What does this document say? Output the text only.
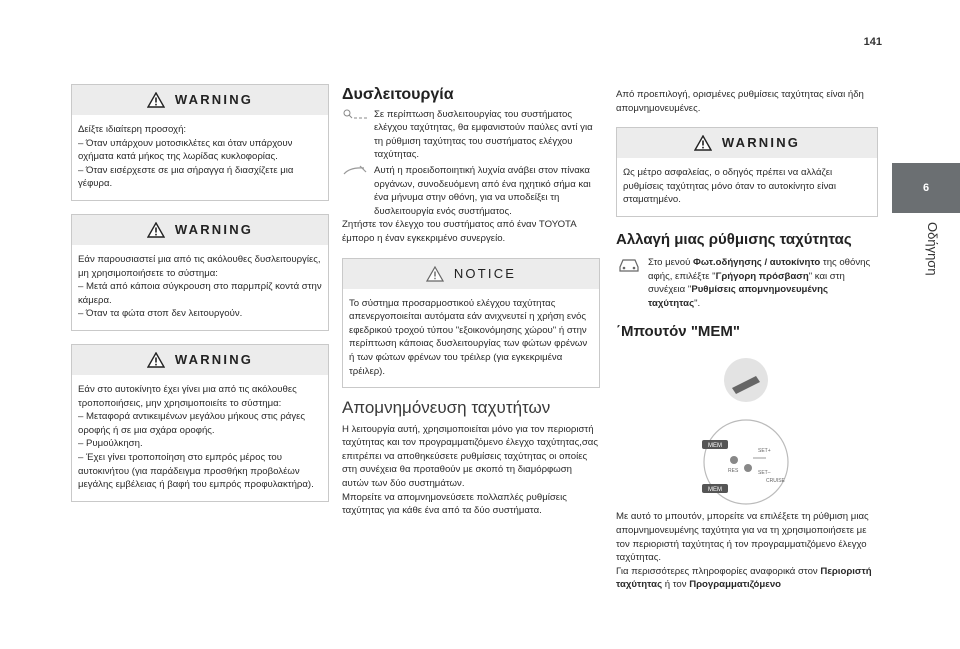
141
6
Οδήγηση
WARNING

Δείξτε ιδιαίτερη προσοχή:
– Όταν υπάρχουν μοτοσικλέτες και όταν υπάρχουν οχήματα κατά μήκος της λωρίδας κυκλοφορίας.
– Όταν εισέρχεστε σε μια σήραγγα ή διασχίζετε μια γέφυρα.

WARNING

Εάν παρουσιαστεί μια από τις ακόλουθες δυσλειτουργίες, μη χρησιμοποιήσετε το σύστημα:
– Μετά από κάποια σύγκρουση στο παρμπρίζ κοντά στην κάμερα.
– Όταν τα φώτα στοπ δεν λειτουργούν.

WARNING

Εάν στο αυτοκίνητο έχει γίνει μια από τις ακόλουθες τροποποιήσεις, μην χρησιμοποιείτε το σύστημα:
– Μεταφορά αντικειμένων μεγάλου μήκους στις ράγες οροφής ή σε μια σχάρα οροφής.
– Ρυμούλκηση.
– Έχει γίνει τροποποίηση στο εμπρός μέρος του αυτοκινήτου (για παράδειγμα προσθήκη προβολέων μεγάλης εμβέλειας ή βαφή του εμπρός προφυλακτήρα).

Δυσλειτουργία

Σε περίπτωση δυσλειτουργίας του συστήματος ελέγχου ταχύτητας, θα εμφανιστούν παύλες αντί για τη ρύθμιση ταχύτητας του συστήματος ελέγχου ταχύτητας.

Αυτή η προειδοποιητική λυχνία ανάβει στον πίνακα οργάνων, συνοδευόμενη από ένα ηχητικό σήμα και ένα μήνυμα στην οθόνη, για να υποδείξει τη δυσλειτουργία ενός συστήματος.

Ζητήστε τον έλεγχο του συστήματος από έναν ΤΟΥΟΤΑ έμπορο η έναν εγκεκριμένο συνεργείο.

NOTICE

Το σύστημα προσαρμοστικού ελέγχου ταχύτητας απενεργοποιείται αυτόματα εάν ανιχνευτεί η χρήση ενός εφεδρικού τροχού τύπου "εξοικονόμησης χώρου" ή στην περίπτωση κάποιας δυσλειτουργίας των φώτων φρένων ή των φώτων φρένων του τρέιλερ (για εγκεκριμένα τρέιλερ).

Απομνημόνευση ταχυτήτων

Η λειτουργία αυτή, χρησιμοποιείται μόνο για τον περιοριστή ταχύτητας και τον προγραμματιζόμενο έλεγχο ταχύτητας,σας επιτρέπει να αποθηκεύσετε ρυθμίσεις ταχύτητας οι οποίες στη συνέχεια θα προταθούν με σκοπό τη διαμόρφωση αυτών των δύο συστημάτων.

Μπορείτε να απομνημονεύσετε πολλαπλές ρυθμίσεις ταχύτητας για κάθε ένα από τα δύο συστήματα.

Από προεπιλογή, ορισμένες ρυθμίσεις ταχύτητας είναι ήδη απομνημονευμένες.

WARNING

Ως μέτρο ασφαλείας, ο οδηγός πρέπει να αλλάζει ρυθμίσεις ταχύτητας μόνο όταν το αυτοκίνητο είναι σταματημένο.

Αλλαγή μιας ρύθμισης ταχύτητας

Στο μενού Φωτ.οδήγησης / αυτοκίνητο της οθόνης αφής, επιλέξτε "Γρήγορη πρόσβαση" και στη συνέχεια "Ρυθμίσεις απομνημονευμένης ταχύτητας".

΄Μπουτόν "MEM"
MEM
MEM
SET+
SET–
CRUISE
RES

Με αυτό το μπουτόν, μπορείτε να επιλέξετε τη ρύθμιση μιας απομνημονευμένης ταχύτητα για να τη χρησιμοποιήσετε με τον περιοριστή ταχύτητας ή τον προγραμματιζόμενο έλεγχο ταχύτητας.

Για περισσότερες πληροφορίες αναφορικά στον Περιοριστή ταχύτητας ή τον Προγραμματιζόμενο
